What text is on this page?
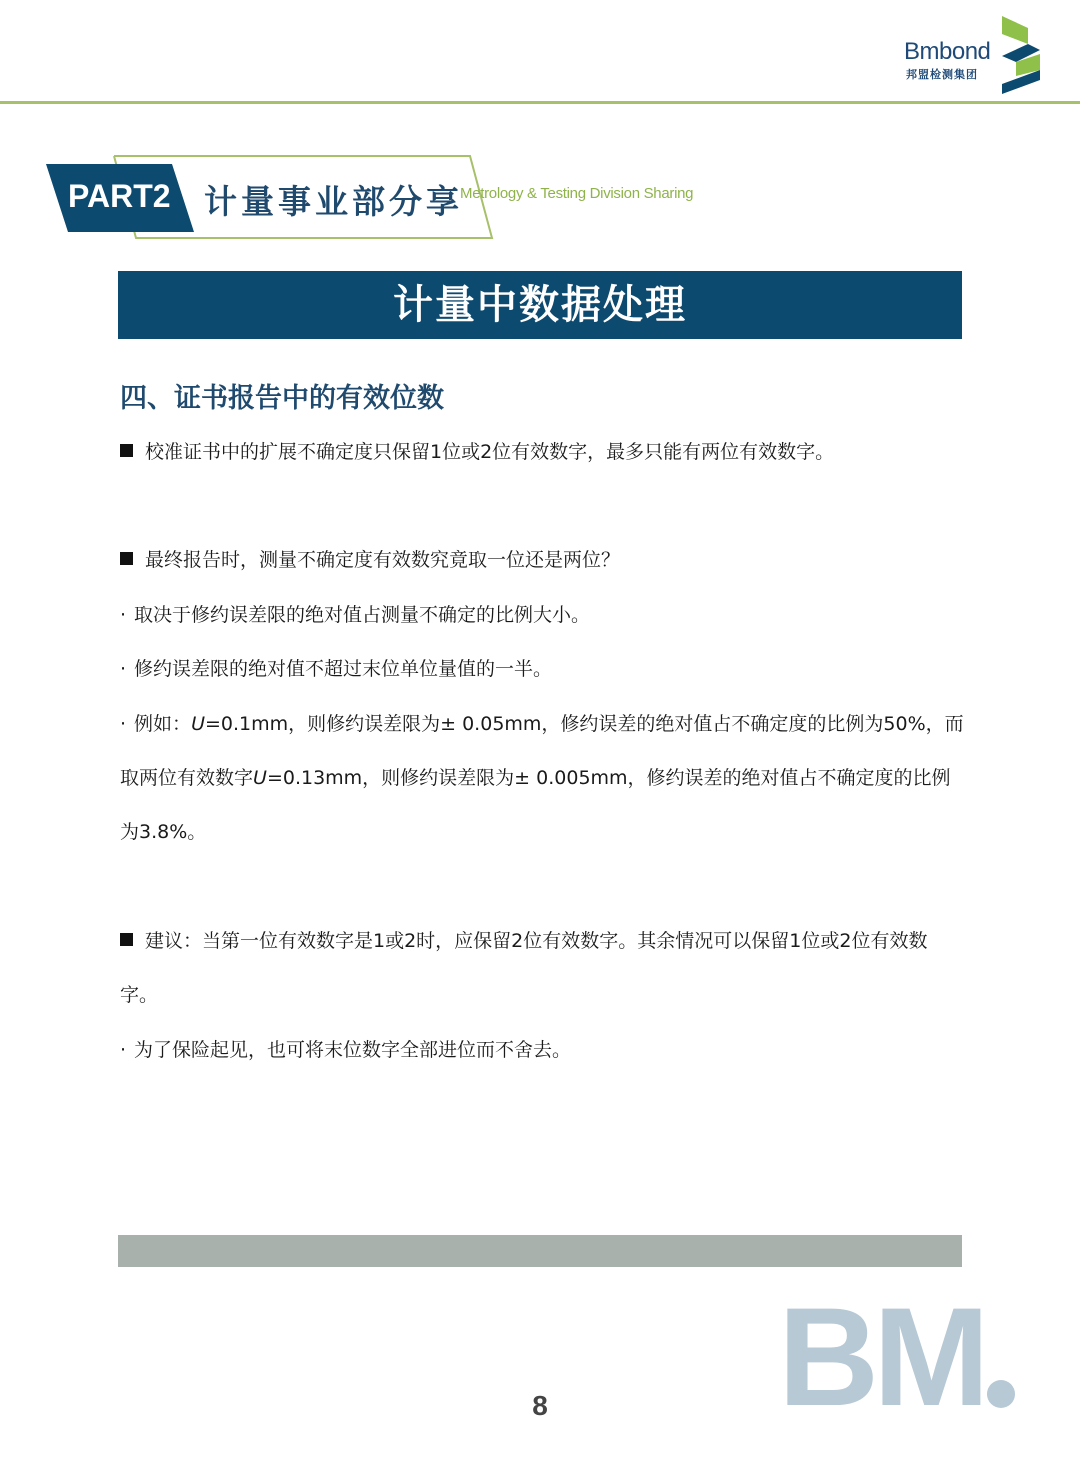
Bmbond
邦盟检测集团
PART2 计量事业部分享
Metrology & Testing Division Sharing
计量中数据处理
四、证书报告中的有效位数
校准证书中的扩展不确定度只保留1位或2位有效数字，最多只能有两位有效数字。
最终报告时，测量不确定度有效数究竟取一位还是两位？
· 取决于修约误差限的绝对值占测量不确定的比例大小。
· 修约误差限的绝对值不超过末位单位量值的一半。
· 例如：U=0.1mm，则修约误差限为± 0.05mm，修约误差的绝对值占不确定度的比例为50%，而取两位有效数字U=0.13mm，则修约误差限为± 0.005mm，修约误差的绝对值占不确定度的比例为3.8%。
建议：当第一位有效数字是1或2时，应保留2位有效数字。其余情况可以保留1位或2位有效数字。
· 为了保险起见，也可将末位数字全部进位而不舍去。
8	BM
